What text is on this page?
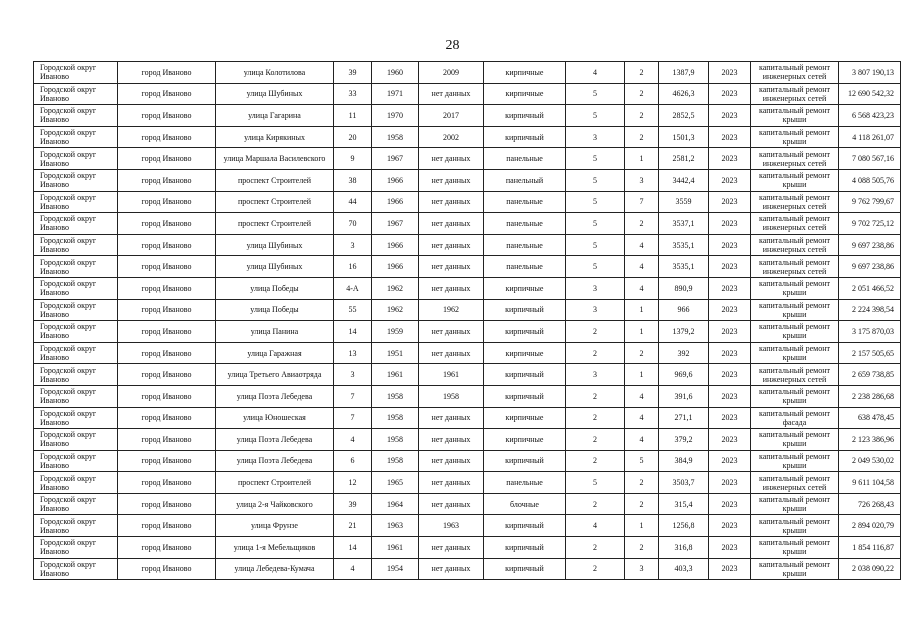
28
Городской округ Иваново	город Иваново	улица Колотилова	39	1960	2009	кирпичные	4	2	1387,9	2023	капитальный ремонт инженерных сетей	3 807 190,13
Городской округ Иваново	город Иваново	улица Шубиных	33	1971	нет данных	кирпичные	5	2	4626,3	2023	капитальный ремонт инженерных сетей	12 690 542,32
Городской округ Иваново	город Иваново	улица Гагарина	11	1970	2017	кирпичный	5	2	2852,5	2023	капитальный ремонт крыши	6 568 423,23
Городской округ Иваново	город Иваново	улица Кирякиных	20	1958	2002	кирпичный	3	2	1501,3	2023	капитальный ремонт крыши	4 118 261,07
Городской округ Иваново	город Иваново	улица Маршала Василевского	9	1967	нет данных	панельные	5	1	2581,2	2023	капитальный ремонт инженерных сетей	7 080 567,16
Городской округ Иваново	город Иваново	проспект Строителей	38	1966	нет данных	панельный	5	3	3442,4	2023	капитальный ремонт крыши	4 088 505,76
Городской округ Иваново	город Иваново	проспект Строителей	44	1966	нет данных	панельные	5	7	3559	2023	капитальный ремонт инженерных сетей	9 762 799,67
Городской округ Иваново	город Иваново	проспект Строителей	70	1967	нет данных	панельные	5	2	3537,1	2023	капитальный ремонт инженерных сетей	9 702 725,12
Городской округ Иваново	город Иваново	улица Шубиных	3	1966	нет данных	панельные	5	4	3535,1	2023	капитальный ремонт инженерных сетей	9 697 238,86
Городской округ Иваново	город Иваново	улица Шубиных	16	1966	нет данных	панельные	5	4	3535,1	2023	капитальный ремонт инженерных сетей	9 697 238,86
Городской округ Иваново	город Иваново	улица Победы	4-А	1962	нет данных	кирпичные	3	4	890,9	2023	капитальный ремонт крыши	2 051 466,52
Городской округ Иваново	город Иваново	улица Победы	55	1962	1962	кирпичный	3	1	966	2023	капитальный ремонт крыши	2 224 398,54
Городской округ Иваново	город Иваново	улица Панина	14	1959	нет данных	кирпичный	2	1	1379,2	2023	капитальный ремонт крыши	3 175 870,03
Городской округ Иваново	город Иваново	улица Гаражная	13	1951	нет данных	кирпичные	2	2	392	2023	капитальный ремонт крыши	2 157 505,65
Городской округ Иваново	город Иваново	улица Третьего Авиаотряда	3	1961	1961	кирпичный	3	1	969,6	2023	капитальный ремонт инженерных сетей	2 659 738,85
Городской округ Иваново	город Иваново	улица Поэта Лебедева	7	1958	1958	кирпичный	2	4	391,6	2023	капитальный ремонт крыши	2 238 286,68
Городской округ Иваново	город Иваново	улица Юношеская	7	1958	нет данных	кирпичные	2	4	271,1	2023	капитальный ремонт фасада	638 478,45
Городской округ Иваново	город Иваново	улица Поэта Лебедева	4	1958	нет данных	кирпичные	2	4	379,2	2023	капитальный ремонт крыши	2 123 386,96
Городской округ Иваново	город Иваново	улица Поэта Лебедева	6	1958	нет данных	кирпичный	2	5	384,9	2023	капитальный ремонт крыши	2 049 530,02
Городской округ Иваново	город Иваново	проспект Строителей	12	1965	нет данных	панельные	5	2	3503,7	2023	капитальный ремонт инженерных сетей	9 611 104,58
Городской округ Иваново	город Иваново	улица 2-я Чайковского	39	1964	нет данных	блочные	2	2	315,4	2023	капитальный ремонт крыши	726 268,43
Городской округ Иваново	город Иваново	улица Фрунзе	21	1963	1963	кирпичный	4	1	1256,8	2023	капитальный ремонт крыши	2 894 020,79
Городской округ Иваново	город Иваново	улица 1-я Мебельщиков	14	1961	нет данных	кирпичный	2	2	316,8	2023	капитальный ремонт крыши	1 854 116,87
Городской округ Иваново	город Иваново	улица Лебедева-Кумача	4	1954	нет данных	кирпичный	2	3	403,3	2023	капитальный ремонт крыши	2 038 090,22
